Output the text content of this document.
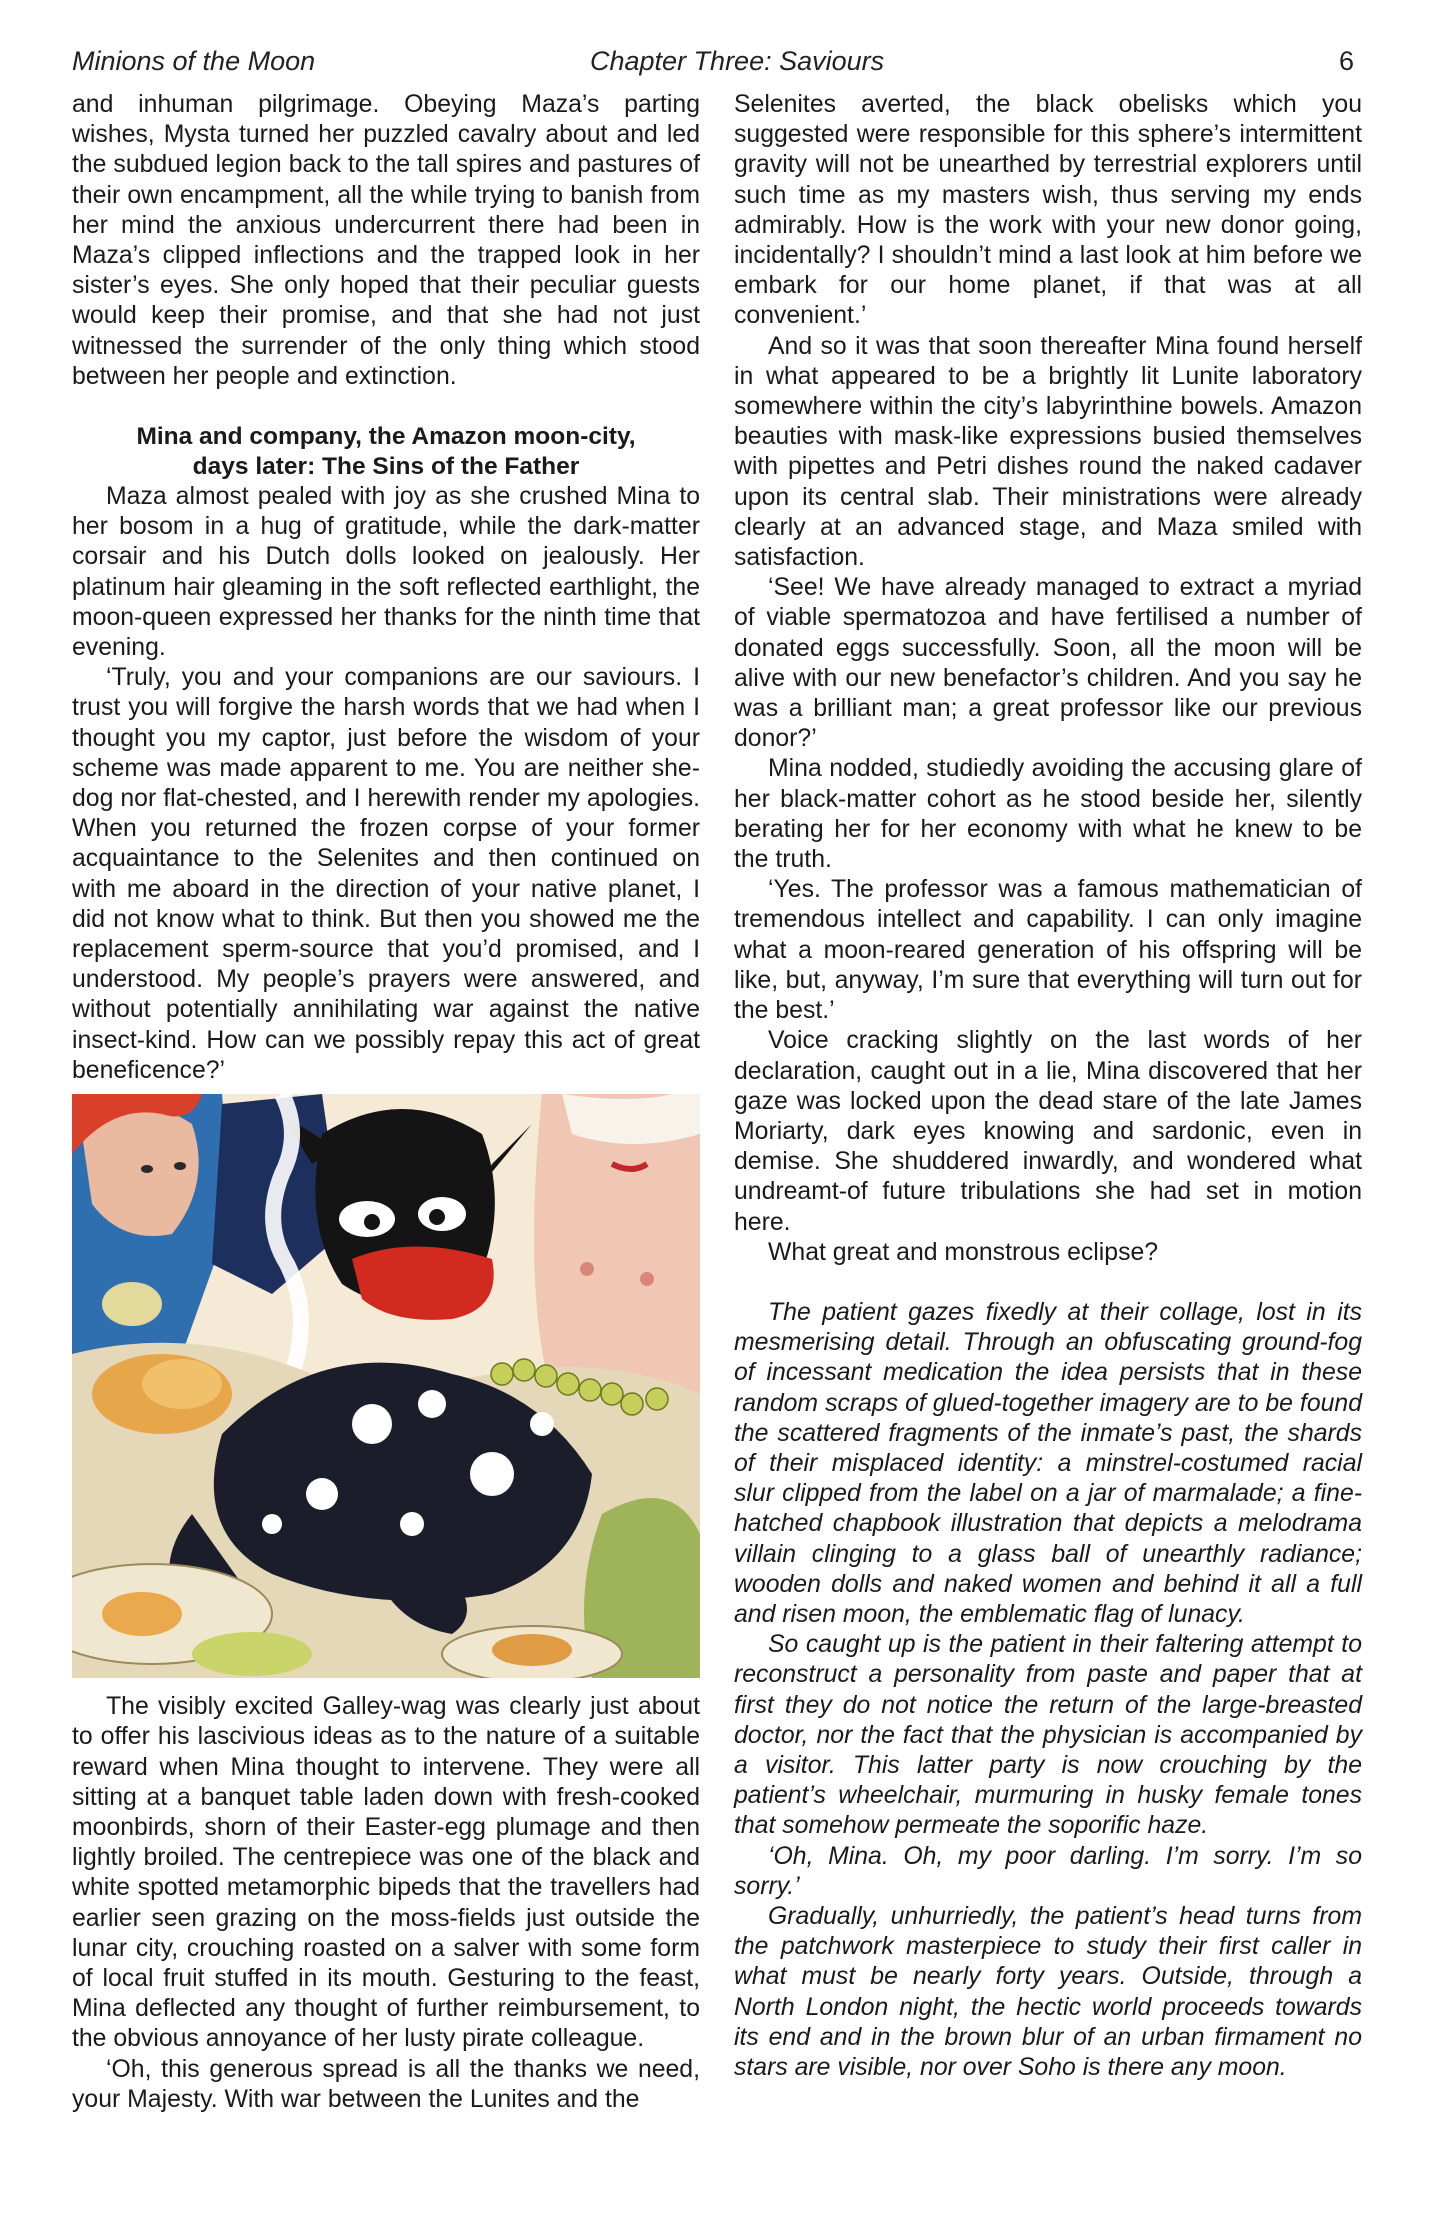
Minions of the Moon	Chapter Three: Saviours	6

and inhuman pilgrimage. Obeying Maza’s parting wishes, Mysta turned her puzzled cavalry about and led the subdued legion back to the tall spires and pastures of their own encampment, all the while trying to banish from her mind the anxious undercurrent there had been in Maza’s clipped inflections and the trapped look in her sister’s eyes. She only hoped that their peculiar guests would keep their promise, and that she had not just witnessed the surrender of the only thing which stood between her people and extinction.

Mina and company, the Amazon moon-city,
days later: The Sins of the Father

Maza almost pealed with joy as she crushed Mina to her bosom in a hug of gratitude, while the dark-matter corsair and his Dutch dolls looked on jealously. Her platinum hair gleaming in the soft reflected earthlight, the moon-queen expressed her thanks for the ninth time that evening.

‘Truly, you and your companions are our saviours. I trust you will forgive the harsh words that we had when I thought you my captor, just before the wisdom of your scheme was made apparent to me. You are neither she-dog nor flat-chested, and I herewith render my apologies. When you returned the frozen corpse of your former acquaintance to the Selenites and then continued on with me aboard in the direction of your native planet, I did not know what to think. But then you showed me the replacement sperm-source that you’d promised, and I understood. My people’s prayers were answered, and without potentially annihilating war against the native insect-kind. How can we possibly repay this act of great beneficence?’

The visibly excited Galley-wag was clearly just about to offer his lascivious ideas as to the nature of a suitable reward when Mina thought to intervene. They were all sitting at a banquet table laden down with fresh-cooked moonbirds, shorn of their Easter-egg plumage and then lightly broiled. The centrepiece was one of the black and white spotted metamorphic bipeds that the travellers had earlier seen grazing on the moss-fields just outside the lunar city, crouching roasted on a salver with some form of local fruit stuffed in its mouth. Gesturing to the feast, Mina deflected any thought of further reimbursement, to the obvious annoyance of her lusty pirate colleague.

‘Oh, this generous spread is all the thanks we need, your Majesty. With war between the Lunites and the

Selenites averted, the black obelisks which you suggested were responsible for this sphere’s intermittent gravity will not be unearthed by terrestrial explorers until such time as my masters wish, thus serving my ends admirably. How is the work with your new donor going, incidentally? I shouldn’t mind a last look at him before we embark for our home planet, if that was at all convenient.’

And so it was that soon thereafter Mina found herself in what appeared to be a brightly lit Lunite laboratory somewhere within the city’s labyrinthine bowels. Amazon beauties with mask-like expressions busied themselves with pipettes and Petri dishes round the naked cadaver upon its central slab. Their ministrations were already clearly at an advanced stage, and Maza smiled with satisfaction.

‘See! We have already managed to extract a myriad of viable spermatozoa and have fertilised a number of donated eggs successfully. Soon, all the moon will be alive with our new benefactor’s children. And you say he was a brilliant man; a great professor like our previous donor?’

Mina nodded, studiedly avoiding the accusing glare of her black-matter cohort as he stood beside her, silently berating her for her economy with what he knew to be the truth.

‘Yes. The professor was a famous mathematician of tremendous intellect and capability. I can only imagine what a moon-reared generation of his offspring will be like, but, anyway, I’m sure that everything will turn out for the best.’

Voice cracking slightly on the last words of her declaration, caught out in a lie, Mina discovered that her gaze was locked upon the dead stare of the late James Moriarty, dark eyes knowing and sardonic, even in demise. She shuddered inwardly, and wondered what undreamt-of future tribulations she had set in motion here.

What great and monstrous eclipse?

The patient gazes fixedly at their collage, lost in its mesmerising detail. Through an obfuscating ground-fog of incessant medication the idea persists that in these random scraps of glued-together imagery are to be found the scattered fragments of the inmate’s past, the shards of their misplaced identity: a minstrel-costumed racial slur clipped from the label on a jar of marmalade; a fine-hatched chapbook illustration that depicts a melodrama villain clinging to a glass ball of unearthly radiance; wooden dolls and naked women and behind it all a full and risen moon, the emblematic flag of lunacy.

So caught up is the patient in their faltering attempt to reconstruct a personality from paste and paper that at first they do not notice the return of the large-breasted doctor, nor the fact that the physician is accompanied by a visitor. This latter party is now crouching by the patient’s wheelchair, murmuring in husky female tones that somehow permeate the soporific haze.

‘Oh, Mina. Oh, my poor darling. I’m sorry. I’m so sorry.’

Gradually, unhurriedly, the patient’s head turns from the patchwork masterpiece to study their first caller in what must be nearly forty years. Outside, through a North London night, the hectic world proceeds towards its end and in the brown blur of an urban firmament no stars are visible, nor over Soho is there any moon.
